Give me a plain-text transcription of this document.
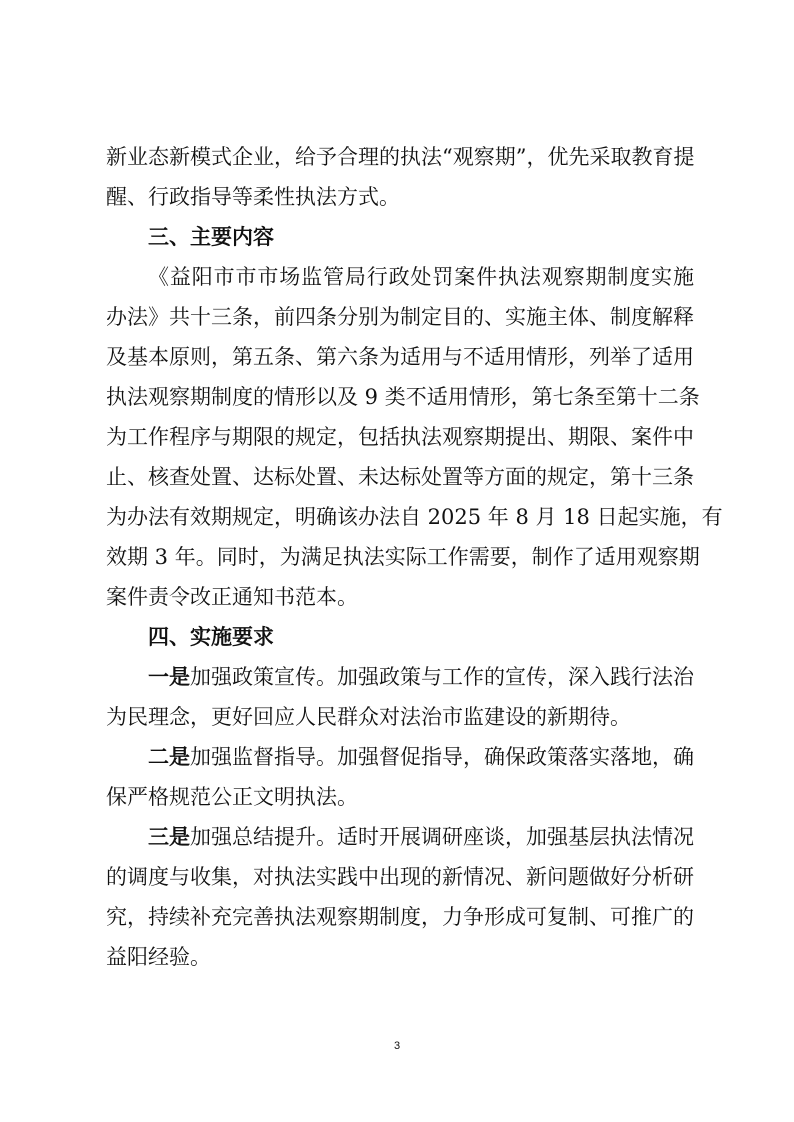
新业态新模式企业，给予合理的执法“观察期”，优先采取教育提
醒、行政指导等柔性执法方式。
三、主要内容
《益阳市市市场监管局行政处罚案件执法观察期制度实施
办法》共十三条，前四条分别为制定目的、实施主体、制度解释
及基本原则，第五条、第六条为适用与不适用情形，列举了适用
执法观察期制度的情形以及 9 类不适用情形，第七条至第十二条
为工作程序与期限的规定，包括执法观察期提出、期限、案件中
止、核查处置、达标处置、未达标处置等方面的规定，第十三条
为办法有效期规定，明确该办法自 2025 年 8 月 18 日起实施，有
效期 3 年。同时，为满足执法实际工作需要，制作了适用观察期
案件责令改正通知书范本。
四、实施要求
一是加强政策宣传。加强政策与工作的宣传，深入践行法治
为民理念，更好回应人民群众对法治市监建设的新期待。
二是加强监督指导。加强督促指导，确保政策落实落地，确
保严格规范公正文明执法。
三是加强总结提升。适时开展调研座谈，加强基层执法情况
的调度与收集，对执法实践中出现的新情况、新问题做好分析研
究，持续补充完善执法观察期制度，力争形成可复制、可推广的
益阳经验。
3
